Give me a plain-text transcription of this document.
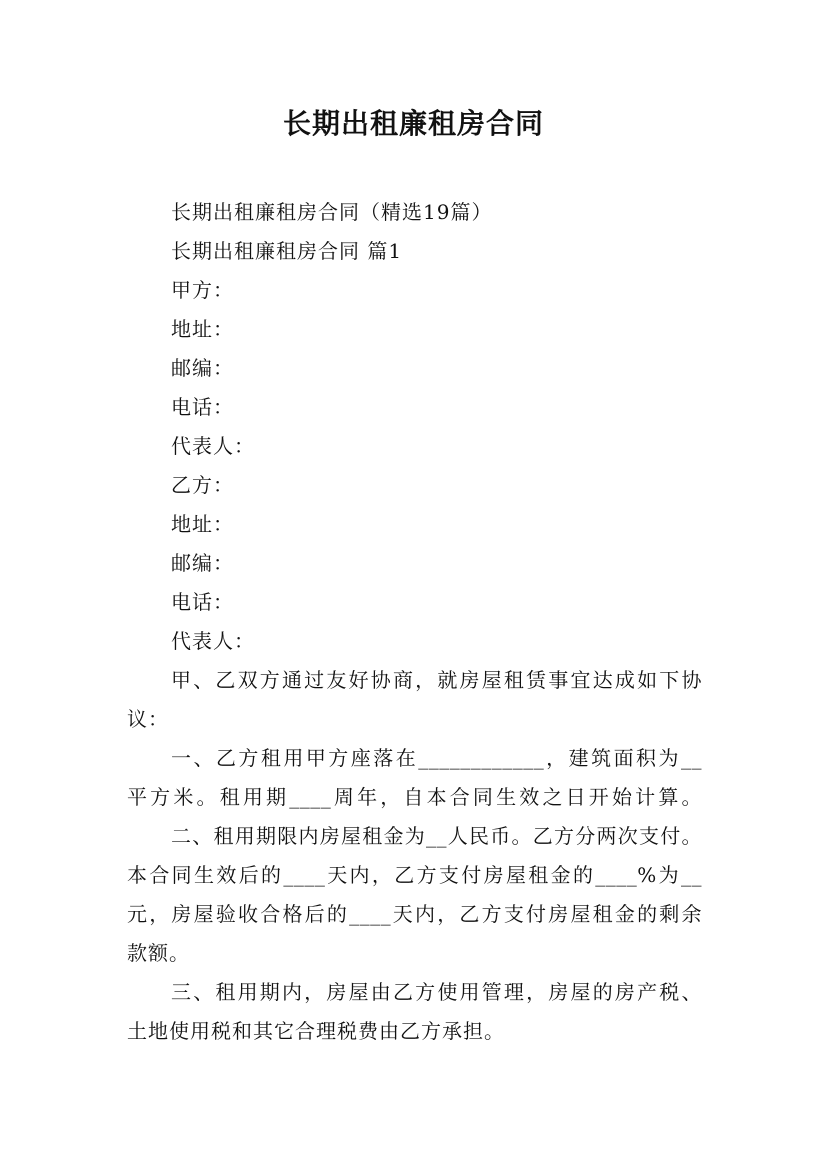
长期出租廉租房合同
长期出租廉租房合同（精选19篇）
长期出租廉租房合同 篇1
甲方：
地址：
邮编：
电话：
代表人：
乙方：
地址：
邮编：
电话：
代表人：
甲、乙双方通过友好协商，就房屋租赁事宜达成如下协
议：
一、乙方租用甲方座落在____________，建筑面积为__
平方米。租用期____周年，自本合同生效之日开始计算。
二、租用期限内房屋租金为__人民币。乙方分两次支付。
本合同生效后的____天内，乙方支付房屋租金的____%为__
元，房屋验收合格后的____天内，乙方支付房屋租金的剩余
款额。
三、租用期内，房屋由乙方使用管理，房屋的房产税、
土地使用税和其它合理税费由乙方承担。
